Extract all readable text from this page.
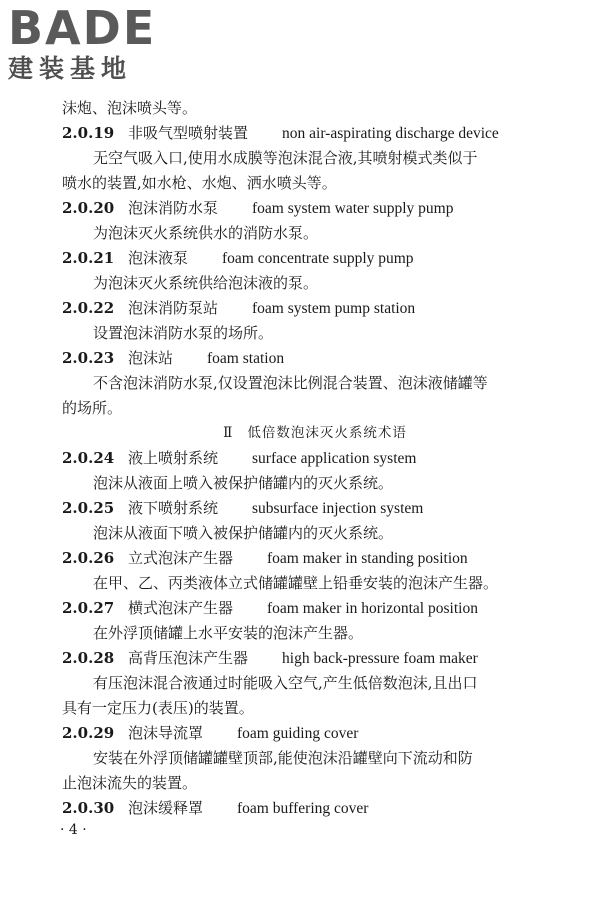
BADE
建装基地
沫炮、泡沫喷头等。
2.0.19 非吸气型喷射装置 non air-aspirating discharge device
无空气吸入口,使用水成膜等泡沫混合液,其喷射模式类似于
喷水的装置,如水枪、水炮、洒水喷头等。
2.0.20 泡沫消防水泵 foam system water supply pump
为泡沫灭火系统供水的消防水泵。
2.0.21 泡沫液泵 foam concentrate supply pump
为泡沫灭火系统供给泡沫液的泵。
2.0.22 泡沫消防泵站 foam system pump station
设置泡沫消防水泵的场所。
2.0.23 泡沫站 foam station
不含泡沫消防水泵,仅设置泡沫比例混合装置、泡沫液储罐等
的场所。
Ⅱ 低倍数泡沫灭火系统术语
2.0.24 液上喷射系统 surface application system
泡沫从液面上喷入被保护储罐内的灭火系统。
2.0.25 液下喷射系统 subsurface injection system
泡沫从液面下喷入被保护储罐内的灭火系统。
2.0.26 立式泡沫产生器 foam maker in standing position
在甲、乙、丙类液体立式储罐罐壁上铅垂安装的泡沫产生器。
2.0.27 横式泡沫产生器 foam maker in horizontal position
在外浮顶储罐上水平安装的泡沫产生器。
2.0.28 高背压泡沫产生器 high back-pressure foam maker
有压泡沫混合液通过时能吸入空气,产生低倍数泡沫,且出口
具有一定压力(表压)的装置。
2.0.29 泡沫导流罩 foam guiding cover
安装在外浮顶储罐罐壁顶部,能使泡沫沿罐壁向下流动和防
止泡沫流失的装置。
2.0.30 泡沫缓释罩 foam buffering cover
· 4 ·
